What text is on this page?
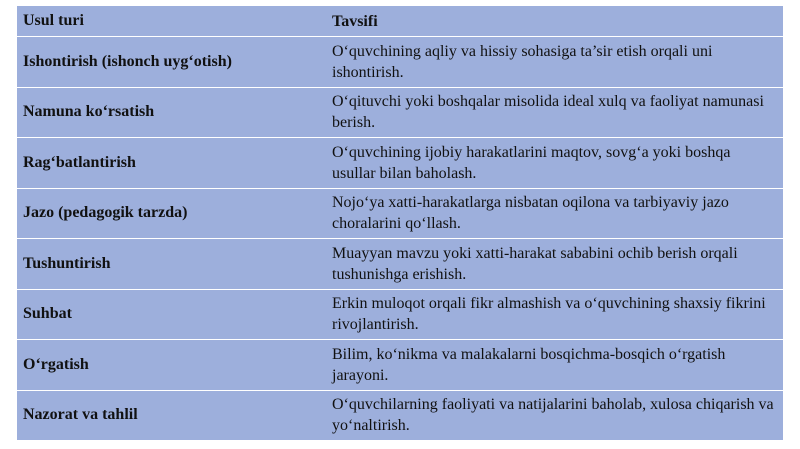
Usul turi	Tavsifi
Ishontirish (ishonch uyg‘otish)
O‘quvchining aqliy va hissiy sohasiga ta’sir etish orqali uni ishontirish.
Namuna ko‘rsatish
O‘qituvchi yoki boshqalar misolida ideal xulq va faoliyat namunasi berish.
Rag‘batlantirish
O‘quvchining ijobiy harakatlarini maqtov, sovg‘a yoki boshqa usullar bilan baholash.
Jazo (pedagogik tarzda)
Nojo‘ya xatti-harakatlarga nisbatan oqilona va tarbiyaviy jazo choralarini qo‘llash.
Tushuntirish
Muayyan mavzu yoki xatti-harakat sababini ochib berish orqali tushunishga erishish.
Suhbat
Erkin muloqot orqali fikr almashish va o‘quvchining shaxsiy fikrini rivojlantirish.
O‘rgatish
Bilim, ko‘nikma va malakalarni bosqichma-bosqich o‘rgatish jarayoni.
Nazorat va tahlil
O‘quvchilarning faoliyati va natijalarini baholab, xulosa chiqarish va yo‘naltirish.
